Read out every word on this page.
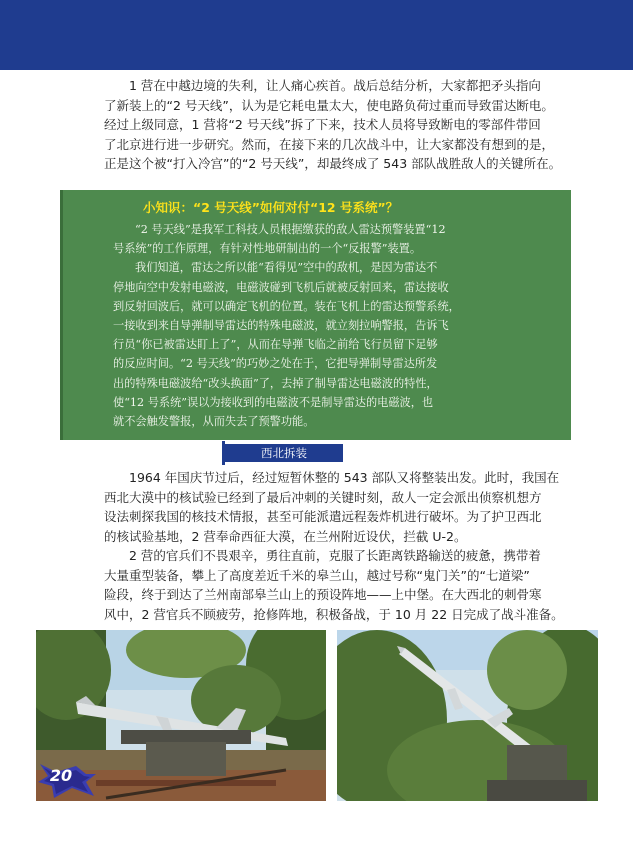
1 营在中越边境的失利，让人痛心疾首。战后总结分析，大家都把矛头指向
了新装上的“2 号天线”，认为是它耗电量太大，使电路负荷过重而导致雷达断电。
经过上级同意，1 营将“2 号天线”拆了下来，技术人员将导致断电的零部件带回
了北京进行进一步研究。然而，在接下来的几次战斗中，让大家都没有想到的是，
正是这个被“打入冷宫”的“2 号天线”，却最终成了 543 部队战胜敌人的关键所在。

小知识：“2 号天线”如何对付“12 号系统”？
“2 号天线”是我军工科技人员根据缴获的敌人雷达预警装置“12
号系统”的工作原理，有针对性地研制出的一个“反报警”装置。
我们知道，雷达之所以能“看得见”空中的敌机，是因为雷达不
停地向空中发射电磁波，电磁波碰到飞机后就被反射回来，雷达接收
到反射回波后，就可以确定飞机的位置。装在飞机上的雷达预警系统，
一接收到来自导弹制导雷达的特殊电磁波，就立刻拉响警报，告诉飞
行员“你已被雷达盯上了”，从而在导弹飞临之前给飞行员留下足够
的反应时间。“2 号天线”的巧妙之处在于，它把导弹制导雷达所发
出的特殊电磁波给“改头换面”了，去掉了制导雷达电磁波的特性，
使“12 号系统”误以为接收到的电磁波不是制导雷达的电磁波，也
就不会触发警报，从而失去了预警功能。
西北拆装

1964 年国庆节过后，经过短暂休整的 543 部队又将整装出发。此时，我国在
西北大漠中的核试验已经到了最后冲刺的关键时刻，敌人一定会派出侦察机想方
设法刺探我国的核技术情报，甚至可能派遣远程轰炸机进行破坏。为了护卫西北
的核试验基地，2 营奉命西征大漠，在兰州附近设伏，拦截 U-2。

2 营的官兵们不畏艰辛，勇往直前，克服了长距离铁路输送的疲惫，携带着
大量重型装备，攀上了高度差近千米的皋兰山，越过号称“鬼门关”的“七道梁”
险段，终于到达了兰州南部皋兰山上的预设阵地——上中堡。在大西北的刺骨寒
风中，2 营官兵不顾疲劳，抢修阵地，积极备战，于 10 月 22 日完成了战斗准备。

20
